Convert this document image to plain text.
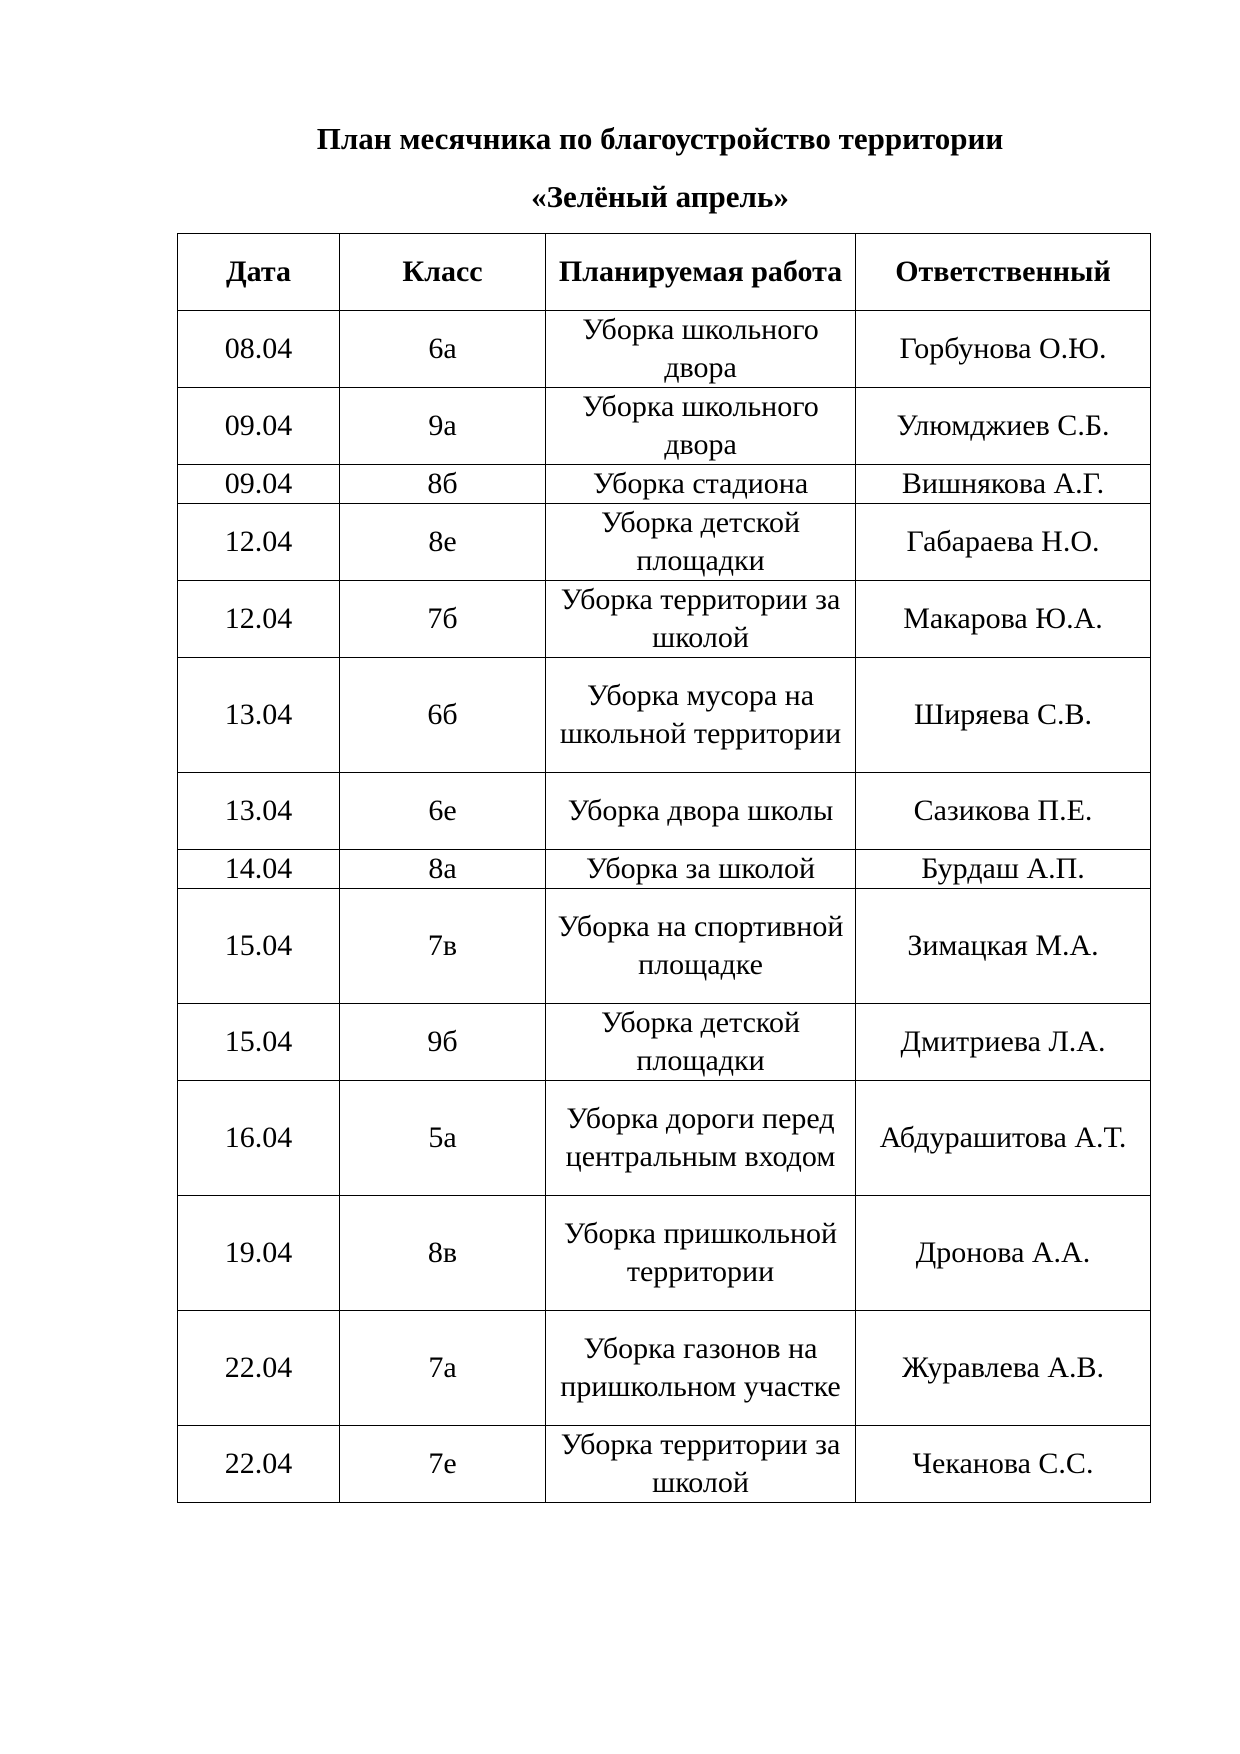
План месячника по благоустройство территории
«Зелёный апрель»
Дата	Класс	Планируемая работа	Ответственный
08.04	6а	Уборка школьного двора	Горбунова О.Ю.
09.04	9а	Уборка школьного двора	Улюмджиев С.Б.
09.04	8б	Уборка стадиона	Вишнякова А.Г.
12.04	8е	Уборка детской площадки	Габараева Н.О.
12.04	7б	Уборка территории за школой	Макарова Ю.А.
13.04	6б	Уборка мусора на школьной территории	Ширяева С.В.
13.04	6е	Уборка двора школы	Сазикова П.Е.
14.04	8а	Уборка за школой	Бурдаш А.П.
15.04	7в	Уборка на спортивной площадке	Зимацкая М.А.
15.04	9б	Уборка детской площадки	Дмитриева Л.А.
16.04	5а	Уборка дороги перед центральным входом	Абдурашитова А.Т.
19.04	8в	Уборка пришкольной территории	Дронова А.А.
22.04	7а	Уборка газонов на пришкольном участке	Журавлева А.В.
22.04	7е	Уборка территории за школой	Чеканова С.С.
